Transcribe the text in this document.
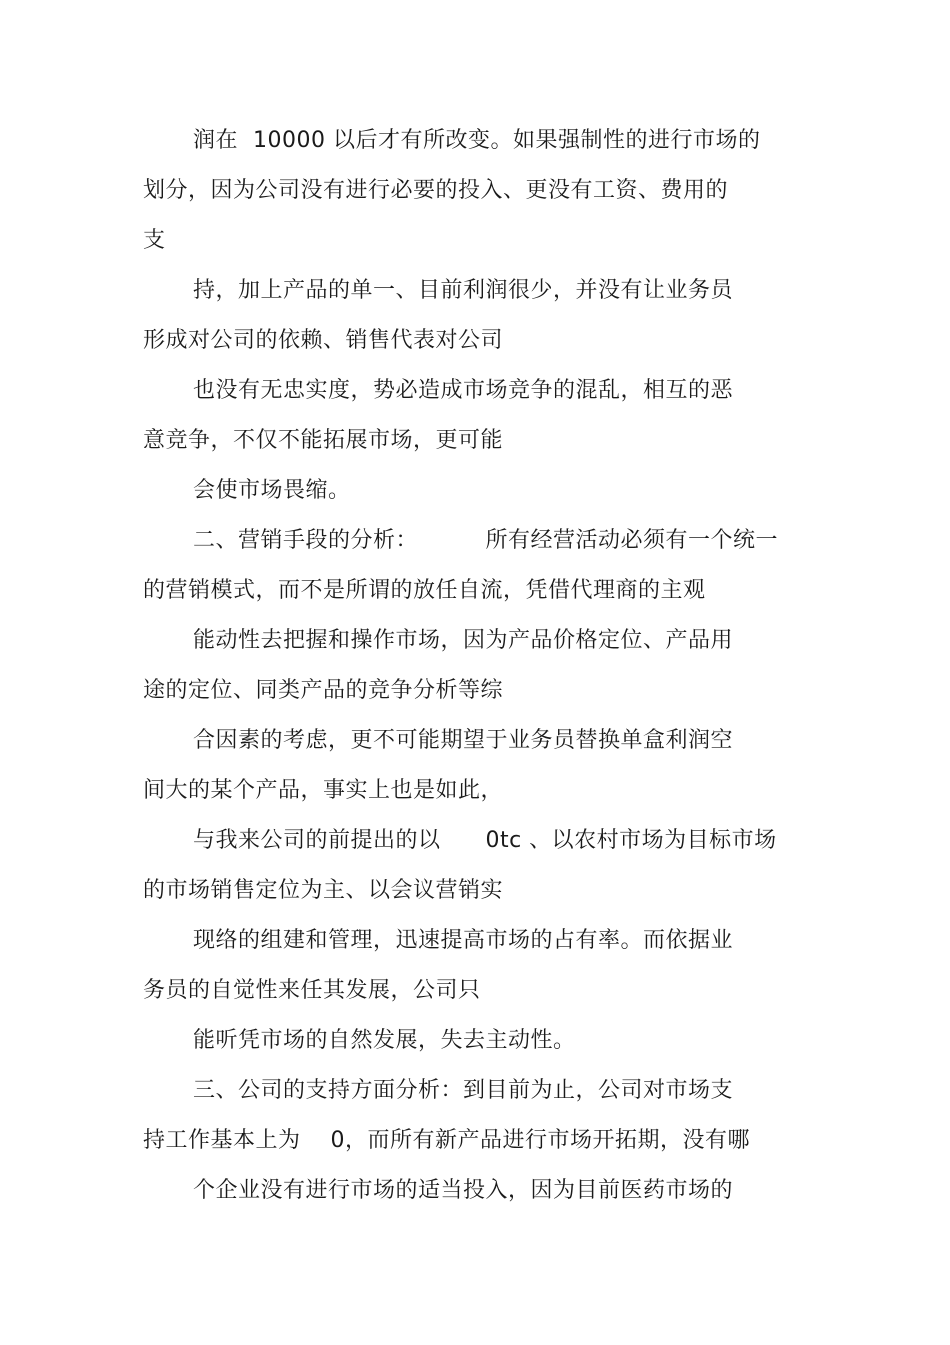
润在  10000 以后才有所改变。如果强制性的进行市场的
划分，因为公司没有进行必要的投入、更没有工资、费用的
支
持，加上产品的单一、目前利润很少，并没有让业务员
形成对公司的依赖、销售代表对公司
也没有无忠实度，势必造成市场竞争的混乱，相互的恶
意竞争，不仅不能拓展市场，更可能
会使市场畏缩。
二、营销手段的分析：         所有经营活动必须有一个统一
的营销模式，而不是所谓的放任自流，凭借代理商的主观
能动性去把握和操作市场，因为产品价格定位、产品用
途的定位、同类产品的竞争分析等综
合因素的考虑，更不可能期望于业务员替换单盒利润空
间大的某个产品，事实上也是如此，
与我来公司的前提出的以      0tc 、以农村市场为目标市场
的市场销售定位为主、以会议营销实
现络的组建和管理，迅速提高市场的占有率。而依据业
务员的自觉性来任其发展，公司只
能听凭市场的自然发展，失去主动性。
三、公司的支持方面分析：到目前为止，公司对市场支
持工作基本上为    0，而所有新产品进行市场开拓期，没有哪
个企业没有进行市场的适当投入，因为目前医药市场的
